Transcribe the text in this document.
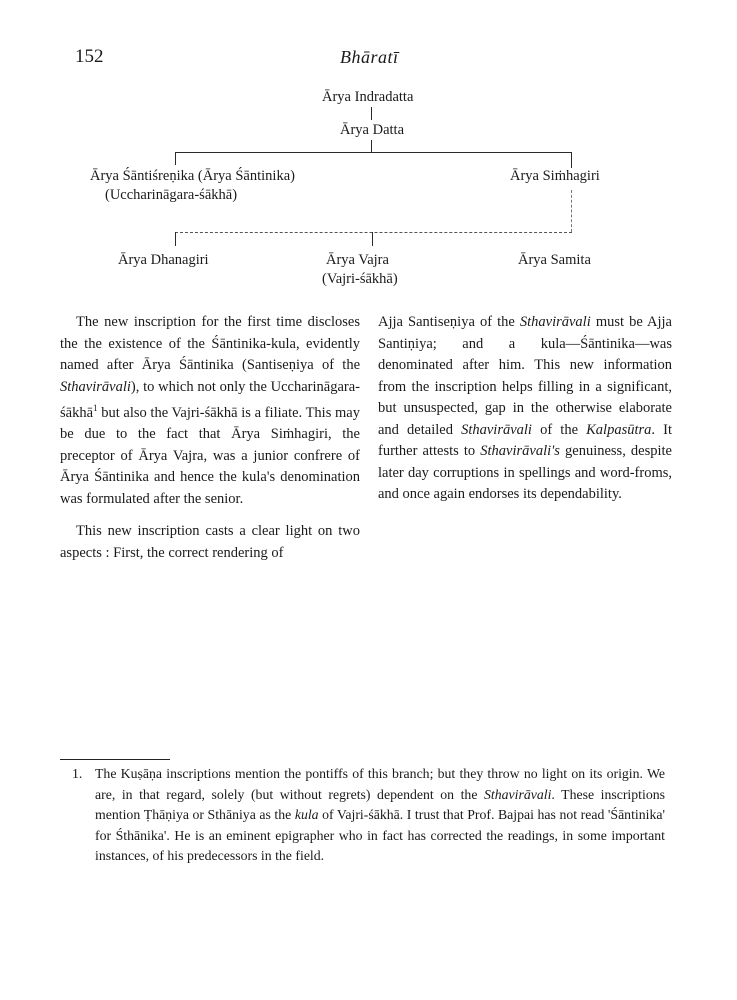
152	Bhāratī
Ārya Indradatta
Ārya Datta
Ārya Śāntiśreṇika (Ārya Śāntinika)
(Uccharināgara-śākhā)
Ārya Siṁhagiri
Ārya Dhanagiri	Ārya Vajra
(Vajri-śākhā)
Ārya Samita

The new inscription for the first time discloses the the existence of the Śāntinika-kula, evidently named after Ārya Śāntinika (Santiseṇiya of the Sthavirāvali), to which not only the Uccharināgara-śākhā$^1$ but also the Vajri-śākhā is a filiate. This may be due to the fact that Ārya Siṁhagiri, the preceptor of Ārya Vajra, was a junior confrere of Ārya Śāntinika and hence the kula's denomination was formulated after the senior.

This new inscription casts a clear light on two aspects : First, the correct rendering of

Ajja Santiseṇiya of the Sthavirāvali must be Ajja Santiṇiya; and a kula—Śāntinika—was denominated after him. This new information from the inscription helps filling in a significant, but unsuspected, gap in the otherwise elaborate and detailed Sthavirāvali of the Kalpasūtra. It further attests to Sthavirāvali's genuiness, despite later day corruptions in spellings and word-froms, and once again endorses its dependability.

1. The Kuṣāṇa inscriptions mention the pontiffs of this branch; but they throw no light on its origin. We are, in that regard, solely (but without regrets) dependent on the Sthavirāvali. These inscriptions mention Ṭhāṇiya or Sthāniya as the kula of Vajri-śākhā. I trust that Prof. Bajpai has not read 'Śāntinika' for Śthānika'. He is an eminent epigrapher who in fact has corrected the readings, in some important instances, of his predecessors in the field.
